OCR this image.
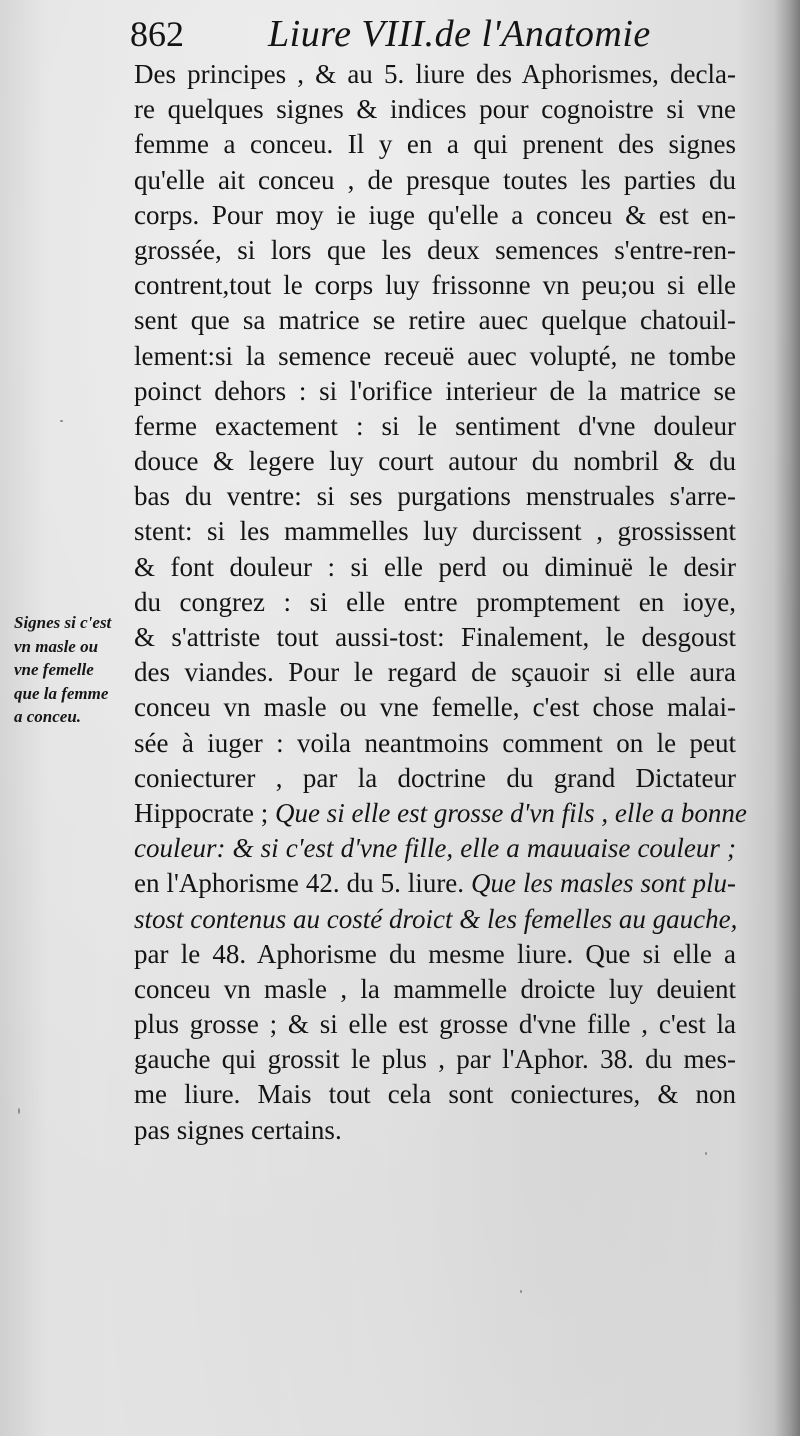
862 Liure VIII.de l'Anatomie
Signes si c'est
vn masle ou
vne femelle
que la femme
a conceu.
Des principes , & au 5. liure des Aphorismes, decla-
re quelques signes & indices pour cognoistre si vne
femme a conceu. Il y en a qui prenent des signes
qu'elle ait conceu , de presque toutes les parties du
corps. Pour moy ie iuge qu'elle a conceu & est en-
grossée, si lors que les deux semences s'entre-ren-
contrent,tout le corps luy frissonne vn peu;ou si elle
sent que sa matrice se retire auec quelque chatouil-
lement:si la semence receuë auec volupté, ne tombe
poinct dehors : si l'orifice interieur de la matrice se
ferme exactement : si le sentiment d'vne douleur
douce & legere luy court autour du nombril & du
bas du ventre: si ses purgations menstruales s'arre-
stent: si les mammelles luy durcissent , grossissent
& font douleur : si elle perd ou diminuë le desir
du congrez : si elle entre promptement en ioye,
& s'attriste tout aussi-tost: Finalement, le desgoust
des viandes. Pour le regard de sçauoir si elle aura
conceu vn masle ou vne femelle, c'est chose malai-
sée à iuger : voila neantmoins comment on le peut
coniecturer , par la doctrine du grand Dictateur
Hippocrate ; Que si elle est grosse d'vn fils , elle a bonne
couleur: & si c'est d'vne fille, elle a mauuaise couleur ;
en l'Aphorisme 42. du 5. liure. Que les masles sont plu-
stost contenus au costé droict & les femelles au gauche,
par le 48. Aphorisme du mesme liure. Que si elle a
conceu vn masle , la mammelle droicte luy deuient
plus grosse ; & si elle est grosse d'vne fille , c'est la
gauche qui grossit le plus , par l'Aphor. 38. du mes-
me liure. Mais tout cela sont coniectures, & non
pas signes certains.
